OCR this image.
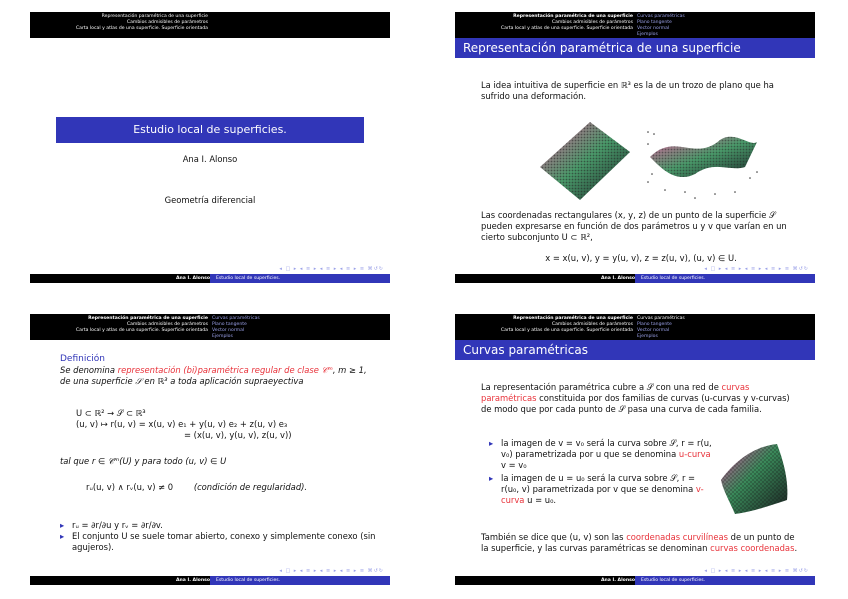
Representación paramétrica de una superficie
Cambios admisibles de parámetros
Carta local y atlas de una superficie. Superficie orientada
Estudio local de superficies.
Ana I. Alonso
Geometría diferencial
◂ □ ▸ ◂ ≡ ▸ ◂ ≡ ▸ ◂ ≡ ▸ ≡ ⌘↺↻
Ana I. Alonso	Estudio local de superficies.
Representación paramétrica de una superficie
Cambios admisibles de parámetros
Carta local y atlas de una superficie. Superficie orientada
Curvas paramétricas
Plano tangente
Vector normal
Ejemplos
Representación paramétrica de una superficie
La idea intuitiva de superficie en ℝ³ es la de un trozo de plano que ha sufrido una deformación.
Las coordenadas rectangulares (x, y, z) de un punto de la superficie 𝒮 pueden expresarse en función de dos parámetros u y v que varían en un cierto subconjunto U ⊂ ℝ²,
x = x(u, v), y = y(u, v), z = z(u, v), (u, v) ∈ U.
◂ □ ▸ ◂ ≡ ▸ ◂ ≡ ▸ ◂ ≡ ▸ ≡ ⌘↺↻
Ana I. Alonso	Estudio local de superficies.
Representación paramétrica de una superficie
Cambios admisibles de parámetros
Carta local y atlas de una superficie. Superficie orientada
Curvas paramétricas
Plano tangente
Vector normal
Ejemplos
Definición
Se denomina representación (bi)paramétrica regular de clase 𝒞ᵐ, m ≥ 1, de una superficie 𝒮 en ℝ³ a toda aplicación supraeyectiva
U ⊂ ℝ² → 𝒮 ⊂ ℝ³
(u, v) ↦ r(u, v) = x(u, v) e₁ + y(u, v) e₂ + z(u, v) e₃
= (x(u, v), y(u, v), z(u, v))
tal que r ∈ 𝒞ᵐ(U) y para todo (u, v) ∈ U
rᵤ(u, v) ∧ rᵥ(u, v) ≠ 0 (condición de regularidad).
▸ rᵤ = ∂r/∂u y rᵥ = ∂r/∂v.
▸ El conjunto U se suele tomar abierto, conexo y simplemente conexo (sin agujeros).
◂ □ ▸ ◂ ≡ ▸ ◂ ≡ ▸ ◂ ≡ ▸ ≡ ⌘↺↻
Ana I. Alonso	Estudio local de superficies.
Representación paramétrica de una superficie
Cambios admisibles de parámetros
Carta local y atlas de una superficie. Superficie orientada
Curvas paramétricas
Plano tangente
Vector normal
Ejemplos
Curvas paramétricas
La representación paramétrica cubre a 𝒮 con una red de curvas paramétricas constituida por dos familias de curvas (u-curvas y v-curvas) de modo que por cada punto de 𝒮 pasa una curva de cada familia.
▸ la imagen de v = v₀ será la curva sobre 𝒮, r = r(u, v₀) parametrizada por u que se denomina u-curva v = v₀
▸ la imagen de u = u₀ será la curva sobre 𝒮, r = r(u₀, v) parametrizada por v que se denomina v-curva u = u₀.
También se dice que (u, v) son las coordenadas curvilíneas de un punto de la superficie, y las curvas paramétricas se denominan curvas coordenadas.
◂ □ ▸ ◂ ≡ ▸ ◂ ≡ ▸ ◂ ≡ ▸ ≡ ⌘↺↻
Ana I. Alonso	Estudio local de superficies.
